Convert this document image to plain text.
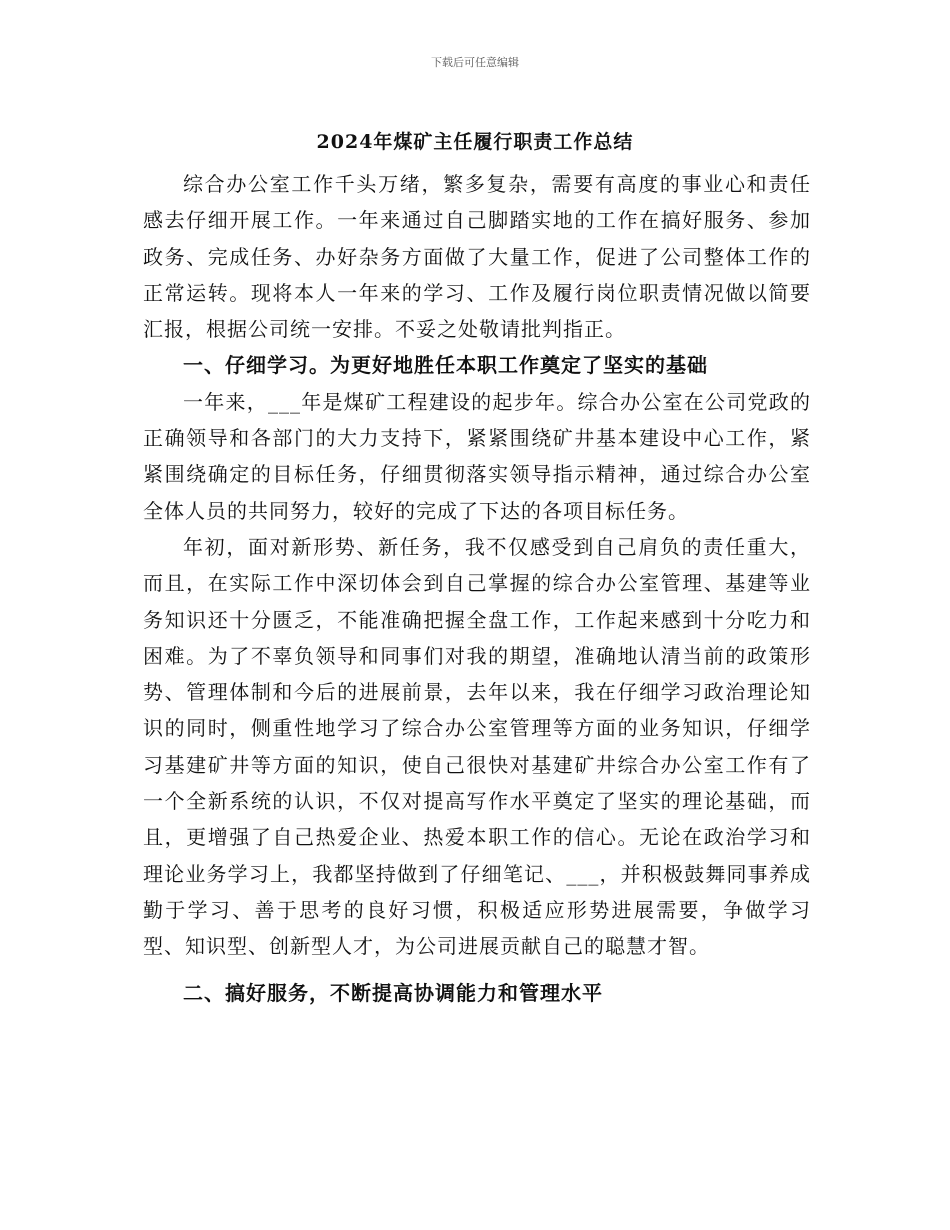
下载后可任意编辑
2024年煤矿主任履行职责工作总结

综合办公室工作千头万绪，繁多复杂，需要有高度的事业心和责任感去仔细开展工作。一年来通过自己脚踏实地的工作在搞好服务、参加政务、完成任务、办好杂务方面做了大量工作，促进了公司整体工作的正常运转。现将本人一年来的学习、工作及履行岗位职责情况做以简要汇报，根据公司统一安排。不妥之处敬请批判指正。

一、仔细学习。为更好地胜任本职工作奠定了坚实的基础

一年来，___年是煤矿工程建设的起步年。综合办公室在公司党政的正确领导和各部门的大力支持下，紧紧围绕矿井基本建设中心工作，紧紧围绕确定的目标任务，仔细贯彻落实领导指示精神，通过综合办公室全体人员的共同努力，较好的完成了下达的各项目标任务。

年初，面对新形势、新任务，我不仅感受到自己肩负的责任重大，而且，在实际工作中深切体会到自己掌握的综合办公室管理、基建等业务知识还十分匮乏，不能准确把握全盘工作，工作起来感到十分吃力和困难。为了不辜负领导和同事们对我的期望，准确地认清当前的政策形势、管理体制和今后的进展前景，去年以来，我在仔细学习政治理论知识的同时，侧重性地学习了综合办公室管理等方面的业务知识，仔细学习基建矿井等方面的知识，使自己很快对基建矿井综合办公室工作有了一个全新系统的认识，不仅对提高写作水平奠定了坚实的理论基础，而且，更增强了自己热爱企业、热爱本职工作的信心。无论在政治学习和理论业务学习上，我都坚持做到了仔细笔记、___，并积极鼓舞同事养成勤于学习、善于思考的良好习惯，积极适应形势进展需要，争做学习型、知识型、创新型人才，为公司进展贡献自己的聪慧才智。

二、搞好服务，不断提高协调能力和管理水平
